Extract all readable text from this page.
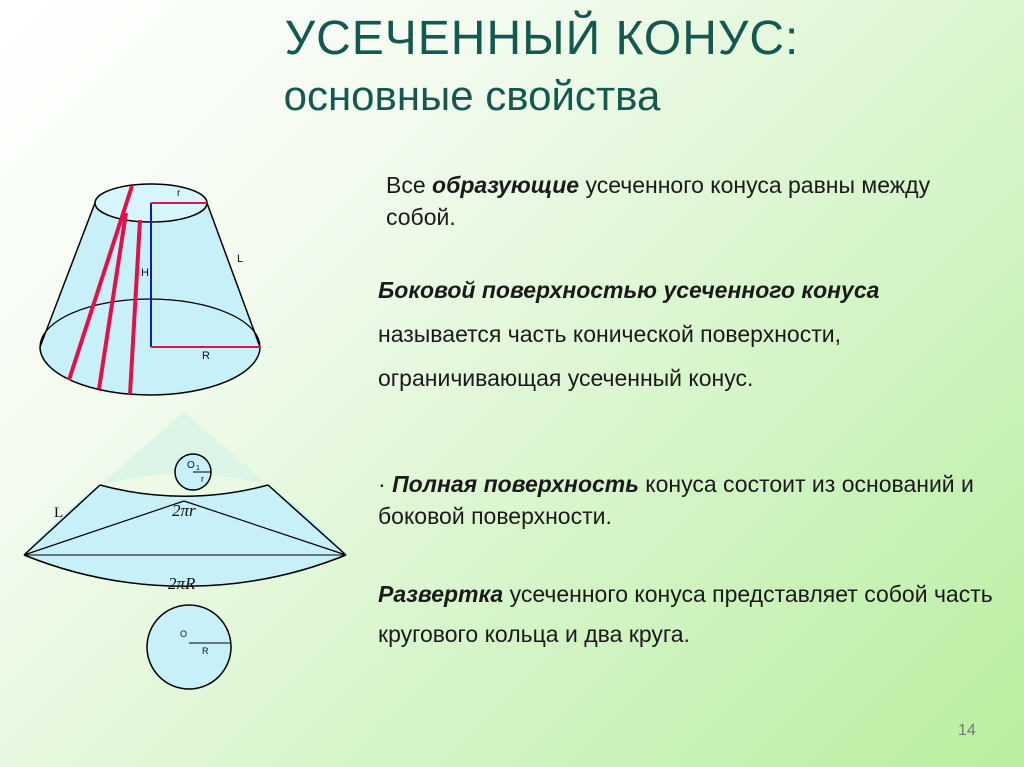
УСЕЧЕННЫЙ КОНУС:
основные свойства
r
L
H
R
O 1
r
O
R
L	2πr
2πR
Все образующие усеченного конуса равны между собой.
Боковой поверхностью усеченного конуса называется часть конической поверхности, ограничивающая усеченный конус.
· Полная поверхность конуса состоит из оснований и боковой поверхности.
Развертка усеченного конуса представляет собой часть кругового кольца и два круга.
14
